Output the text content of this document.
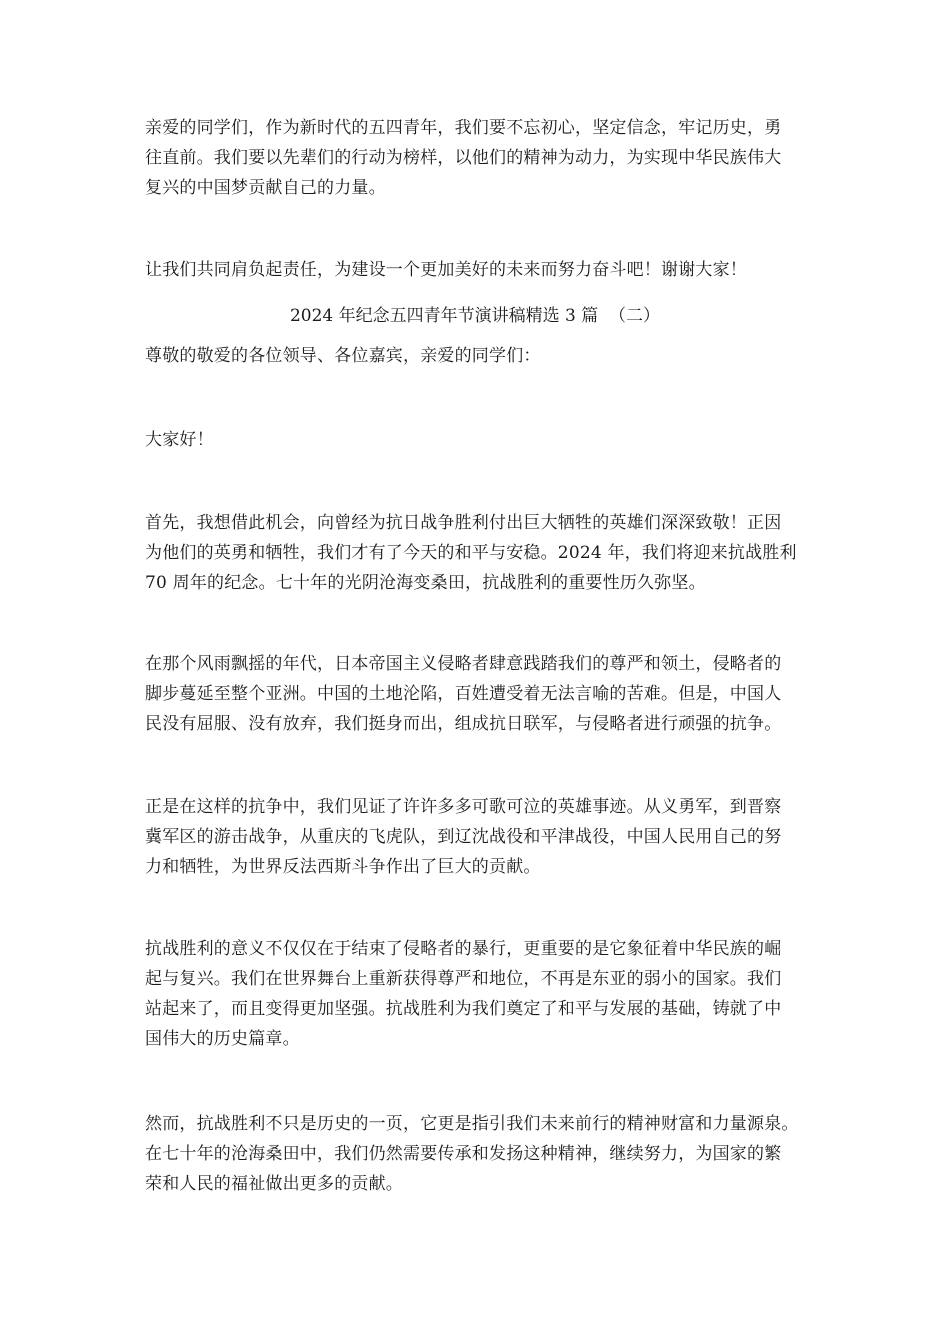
亲爱的同学们，作为新时代的五四青年，我们要不忘初心，坚定信念，牢记历史，勇
往直前。我们要以先辈们的行动为榜样，以他们的精神为动力，为实现中华民族伟大
复兴的中国梦贡献自己的力量。

让我们共同肩负起责任，为建设一个更加美好的未来而努力奋斗吧！谢谢大家！

2024 年纪念五四青年节演讲稿精选 3 篇  （二）

尊敬的敬爱的各位领导、各位嘉宾，亲爱的同学们：

大家好！

首先，我想借此机会，向曾经为抗日战争胜利付出巨大牺牲的英雄们深深致敬！正因
为他们的英勇和牺牲，我们才有了今天的和平与安稳。2024 年，我们将迎来抗战胜利
70 周年的纪念。七十年的光阴沧海变桑田，抗战胜利的重要性历久弥坚。

在那个风雨飘摇的年代，日本帝国主义侵略者肆意践踏我们的尊严和领土，侵略者的
脚步蔓延至整个亚洲。中国的土地沦陷，百姓遭受着无法言喻的苦难。但是，中国人
民没有屈服、没有放弃，我们挺身而出，组成抗日联军，与侵略者进行顽强的抗争。

正是在这样的抗争中，我们见证了许许多多可歌可泣的英雄事迹。从义勇军，到晋察
冀军区的游击战争，从重庆的飞虎队，到辽沈战役和平津战役，中国人民用自己的努
力和牺牲，为世界反法西斯斗争作出了巨大的贡献。

抗战胜利的意义不仅仅在于结束了侵略者的暴行，更重要的是它象征着中华民族的崛
起与复兴。我们在世界舞台上重新获得尊严和地位，不再是东亚的弱小的国家。我们
站起来了，而且变得更加坚强。抗战胜利为我们奠定了和平与发展的基础，铸就了中
国伟大的历史篇章。

然而，抗战胜利不只是历史的一页，它更是指引我们未来前行的精神财富和力量源泉。
在七十年的沧海桑田中，我们仍然需要传承和发扬这种精神，继续努力，为国家的繁
荣和人民的福祉做出更多的贡献。
